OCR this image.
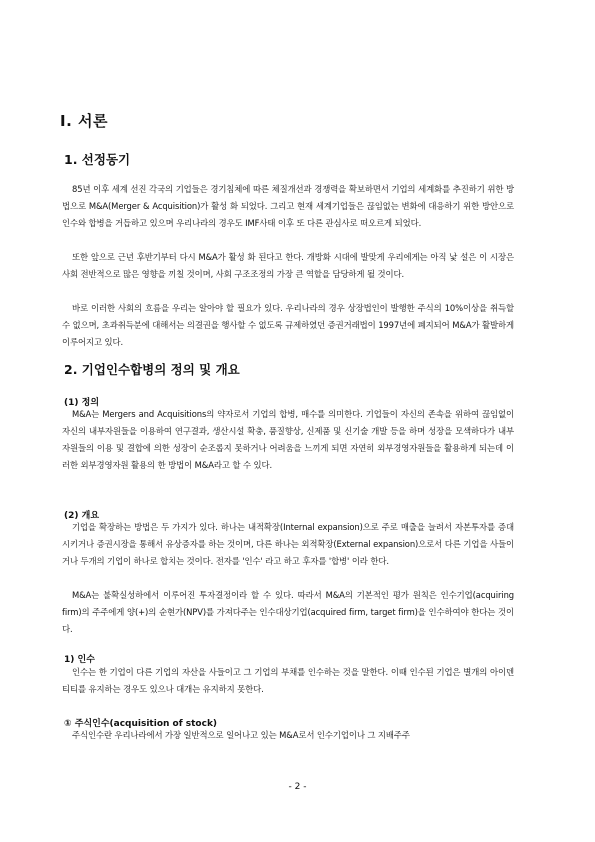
Ⅰ. 서론
1. 선정동기

85년 이후 세계 선진 각국의 기업들은 경기침체에 따른 체질개선과 경쟁력을 확보하면서 기업의 세계화를 추진하기 위한 방법으로 M&A(Merger & Acquisition)가 활성 화 되었다. 그리고 현재 세계기업들은 끊임없는 변화에 대응하기 위한 방안으로 인수와 합병을 거듭하고 있으며 우리나라의 경우도 IMF사태 이후 또 다른 관심사로 떠오르게 되었다.

또한 앞으로 근년 후반기부터 다시 M&A가 활성 화 된다고 한다. 개방화 시대에 발맞게 우리에게는 아직 낯 설은 이 시장은 사회 전반적으로 많은 영향을 끼칠 것이며, 사회 구조조정의 가장 큰 역할을 담당하게 될 것이다.

바로 이러한 사회의 흐름을 우리는 알아야 할 필요가 있다. 우리나라의 경우 상장법인이 발행한 주식의 10%이상을 취득할 수 없으며, 초과취득분에 대해서는 의결권을 행사할 수 없도록 규제하였던 증권거래법이 1997년에 폐지되어 M&A가 활발하게 이루어지고 있다.

2. 기업인수합병의 정의 및 개요
(1) 정의

M&A는 Mergers and Acquisitions의 약자로서 기업의 합병, 매수를 의미한다. 기업들이 자신의 존속을 위하여 끊임없이 자신의 내부자원들을 이용하여 연구결과, 생산시설 확충, 품질향상, 신제품 및 신기술 개발 등을 하며 성장을 모색하다가 내부자원들의 이용 및 결합에 의한 성장이 순조롭지 못하거나 어려움을 느끼게 되면 자연히 외부경영자원들을 활용하게 되는데 이러한 외부경영자원 활용의 한 방법이 M&A라고 할 수 있다.

(2) 개요

기업을 확장하는 방법은 두 가지가 있다. 하나는 내적확장(Internal expansion)으로 주로 매출을 늘려서 자본투자를 증대시키거나 증권시장을 통해서 유상증자를 하는 것이며, 다른 하나는 외적확장(External expansion)으로서 다른 기업을 사들이거나 두개의 기업이 하나로 합치는 것이다. 전자를 '인수' 라고 하고 후자를 '합병' 이라 한다.

M&A는 불확실성하에서 이루어진 투자결정이라 할 수 있다. 따라서 M&A의 기본적인 평가 원칙은 인수기업(acquiring firm)의 주주에게 양(+)의 순현가(NPV)를 가져다주는 인수대상기업(acquired firm, target firm)을 인수하여야 한다는 것이다.

1) 인수

인수는 한 기업이 다른 기업의 자산을 사들이고 그 기업의 부채를 인수하는 것을 말한다. 이때 인수된 기업은 별개의 아이덴티티를 유지하는 경우도 있으나 대개는 유지하지 못한다.

① 주식인수(acquisition of stock)

주식인수란 우리나라에서 가장 일반적으로 일어나고 있는 M&A로서 인수기업이나 그 지배주주

- 2 -
